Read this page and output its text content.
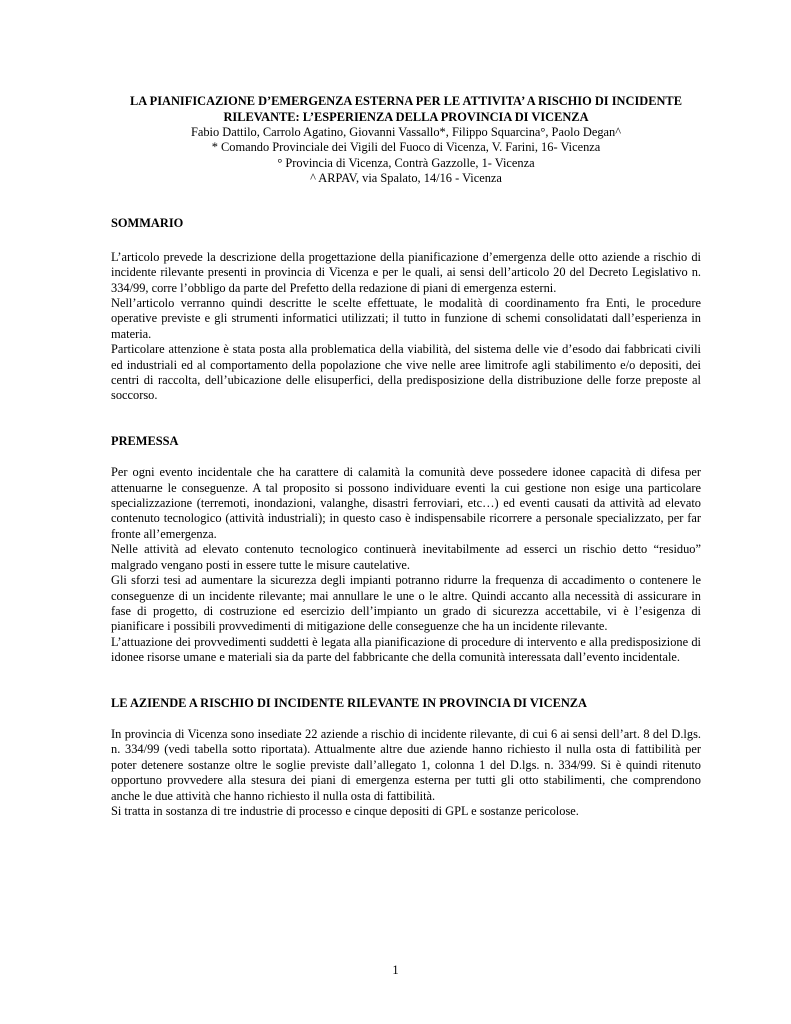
LA PIANIFICAZIONE D’EMERGENZA ESTERNA PER LE ATTIVITA’ A RISCHIO DI INCIDENTE

RILEVANTE: L’ESPERIENZA DELLA PROVINCIA DI VICENZA

Fabio Dattilo, Carrolo Agatino, Giovanni Vassallo*, Filippo Squarcina°, Paolo Degan^

* Comando Provinciale dei Vigili del Fuoco di Vicenza, V. Farini, 16- Vicenza

° Provincia di Vicenza, Contrà Gazzolle, 1- Vicenza

^ ARPAV, via Spalato, 14/16 - Vicenza

SOMMARIO

L’articolo prevede la descrizione della progettazione della pianificazione d’emergenza delle otto aziende a rischio di incidente rilevante presenti in provincia di Vicenza e per le quali, ai sensi dell’articolo 20 del Decreto Legislativo n. 334/99, corre l’obbligo da parte del Prefetto della redazione di piani di emergenza esterni.

Nell’articolo verranno quindi descritte le scelte effettuate, le modalità di coordinamento fra Enti, le procedure operative previste e gli strumenti informatici utilizzati; il tutto in funzione di schemi consolidatati dall’esperienza in materia.

Particolare attenzione è stata posta alla problematica della viabilità, del sistema delle vie d’esodo dai fabbricati civili ed industriali ed al comportamento della popolazione che vive nelle aree limitrofe agli stabilimento e/o depositi, dei centri di raccolta, dell’ubicazione delle elisuperfici, della predisposizione della distribuzione delle forze preposte al soccorso.

PREMESSA

Per ogni evento incidentale che ha carattere di calamità la comunità deve possedere idonee capacità di difesa per attenuarne le conseguenze. A tal proposito si possono individuare eventi la cui gestione non esige una particolare specializzazione (terremoti, inondazioni, valanghe, disastri ferroviari, etc…) ed eventi causati da attività ad elevato contenuto tecnologico (attività industriali); in questo caso è indispensabile ricorrere a personale specializzato, per far fronte all’emergenza.

Nelle attività ad elevato contenuto tecnologico continuerà inevitabilmente ad esserci un rischio detto “residuo” malgrado vengano posti in essere tutte le misure cautelative.

Gli sforzi tesi ad aumentare la sicurezza degli impianti potranno ridurre la frequenza di accadimento o contenere le conseguenze di un incidente rilevante; mai annullare le une o le altre. Quindi accanto alla necessità di assicurare in fase di progetto, di costruzione ed esercizio dell’impianto un grado di sicurezza accettabile, vi è l’esigenza di pianificare i possibili provvedimenti di mitigazione delle conseguenze che ha un incidente rilevante.

L’attuazione dei provvedimenti suddetti è legata alla pianificazione di procedure di intervento e alla predisposizione di idonee risorse umane e materiali sia da parte del fabbricante che della comunità interessata dall’evento incidentale.

LE AZIENDE A RISCHIO DI INCIDENTE RILEVANTE IN PROVINCIA DI VICENZA

In provincia di Vicenza sono insediate 22 aziende a rischio di incidente rilevante, di cui 6 ai sensi dell’art. 8 del D.lgs. n. 334/99 (vedi tabella sotto riportata). Attualmente altre due aziende hanno richiesto il nulla osta di fattibilità per poter detenere sostanze oltre le soglie previste dall’allegato 1, colonna 1 del D.lgs. n. 334/99. Si è quindi ritenuto opportuno provvedere alla stesura dei piani di emergenza esterna per tutti gli otto stabilimenti, che comprendono anche le due attività che hanno richiesto il nulla osta di fattibilità.

Si tratta in sostanza di tre industrie di processo e cinque depositi di GPL e sostanze pericolose.

1
